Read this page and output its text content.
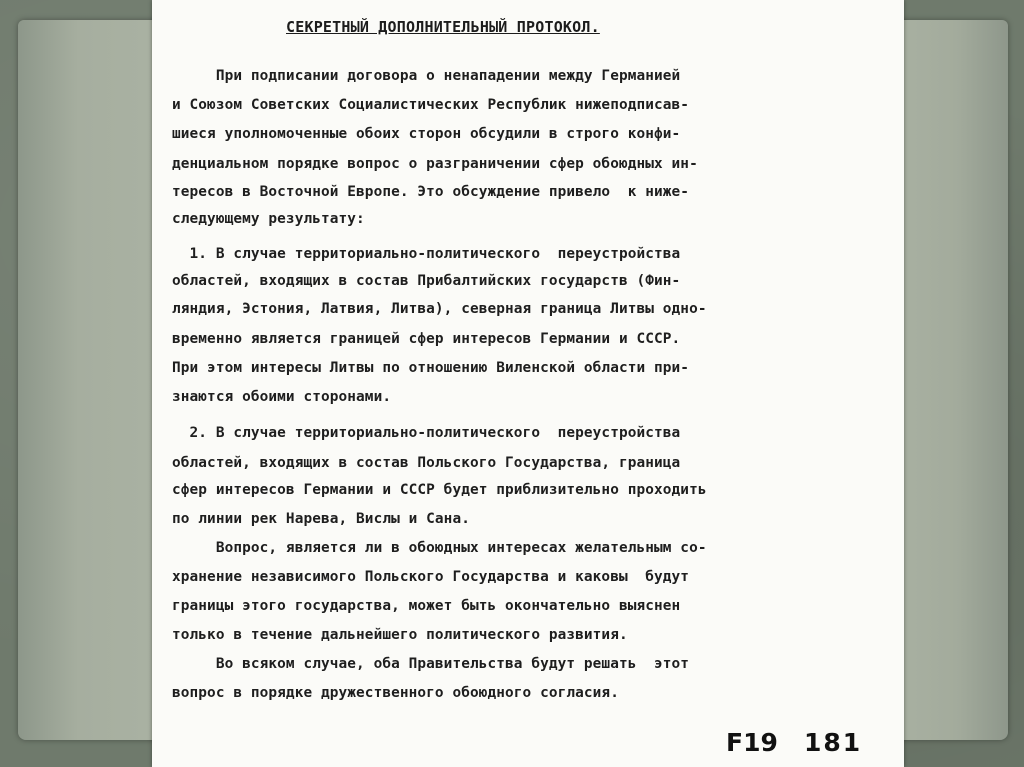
СЕКРЕТНЫЙ ДОПОЛНИТЕЛЬНЫЙ ПРОТОКОЛ.
При подписании договора о ненападении между Германией
и Союзом Советских Социалистических Республик нижеподписав-
шиеся уполномоченные обоих сторон обсудили в строго конфи-
денциальном порядке вопрос о разграничении сфер обоюдных ин-
тересов в Восточной Европе. Это обсуждение привело  к ниже-
следующему результату:
1. В случае территориально-политического  переустройства
областей, входящих в состав Прибалтийских государств (Фин-
ляндия, Эстония, Латвия, Литва), северная граница Литвы одно-
временно является границей сфер интересов Германии и СССР.
При этом интересы Литвы по отношению Виленской области при-
знаются обоими сторонами.
2. В случае территориально-политического  переустройства
областей, входящих в состав Польского Государства, граница
сфер интересов Германии и СССР будет приблизительно проходить
по линии рек Нарева, Вислы и Сана.
Вопрос, является ли в обоюдных интересах желательным со-
хранение независимого Польского Государства и каковы  будут
границы этого государства, может быть окончательно выяснен
только в течение дальнейшего политического развития.
Во всяком случае, оба Правительства будут решать  этот
вопрос в порядке дружественного обоюдного согласия.
F19 181
